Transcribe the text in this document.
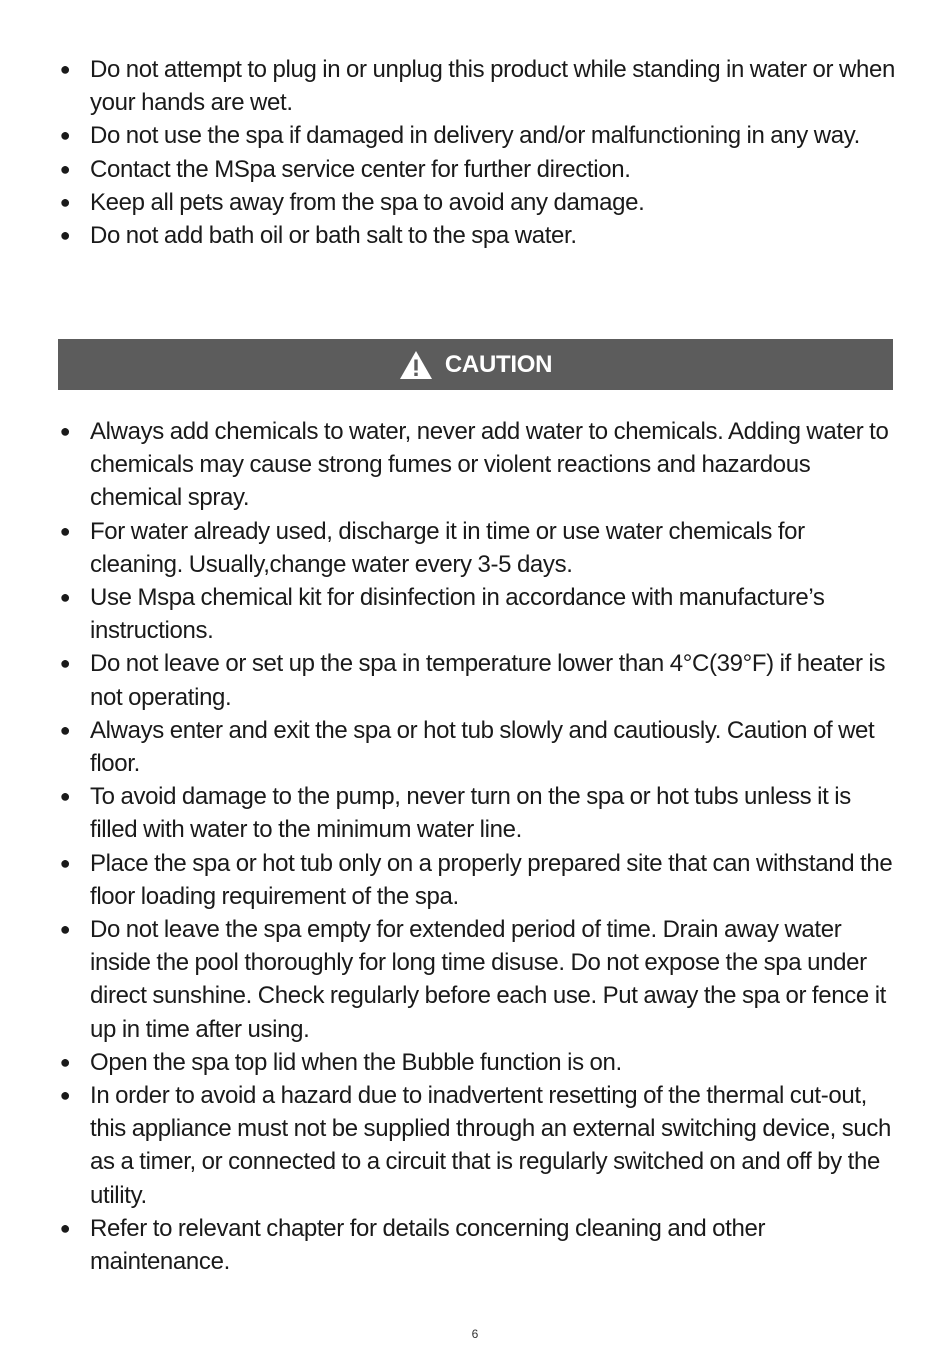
● Do not attempt to plug in or unplug this product while standing in water or when your hands are wet.
● Do not use the spa if damaged in delivery and/or malfunctioning in any way.
● Contact the MSpa service center for further direction.
● Keep all pets away from the spa to avoid any damage.
● Do not add bath oil or bath salt to the spa water.
CAUTION
● Always add chemicals to water, never add water to chemicals. Adding water to chemicals may cause strong fumes or violent reactions and hazardous chemical spray.
● For water already used, discharge it in time or use water chemicals for cleaning. Usually,change water every 3-5 days.
● Use Mspa chemical kit for disinfection in accordance with manufacture’s instructions.
● Do not leave or set up the spa in temperature lower than 4°C(39°F) if heater is not operating.
● Always enter and exit the spa or hot tub slowly and cautiously. Caution of wet floor.
● To avoid damage to the pump, never turn on the spa or hot tubs unless it is filled with water to the minimum water line.
● Place the spa or hot tub only on a properly prepared site that can withstand the floor loading requirement of the spa.
● Do not leave the spa empty for extended period of time. Drain away water inside the pool thoroughly for long time disuse. Do not expose the spa under direct sunshine. Check regularly before each use. Put away the spa or fence it up in time after using.
● Open the spa top lid when the Bubble function is on.
● In order to avoid a hazard due to inadvertent resetting of the thermal cut-out, this appliance must not be supplied through an external switching device, such as a timer, or connected to a circuit that is regularly switched on and off by the utility.
● Refer to relevant chapter for details concerning cleaning and other maintenance.
6
